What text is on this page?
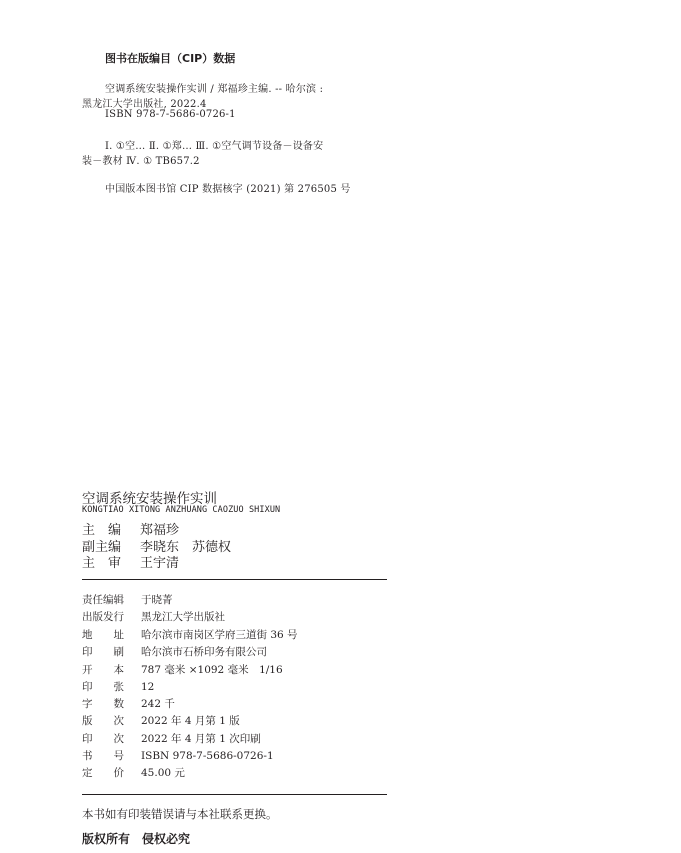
图书在版编目（CIP）数据
空调系统安装操作实训 / 郑福珍主编. -- 哈尔滨 :
黑龙江大学出版社, 2022.4
ISBN 978-7-5686-0726-1
Ⅰ. ①空… Ⅱ. ①郑… Ⅲ. ①空气调节设备－设备安
装－教材 Ⅳ. ① TB657.2
中国版本图书馆 CIP 数据核字 (2021) 第 276505 号
空调系统安装操作实训
KONGTIAO XITONG ANZHUANG CAOZUO SHIXUN
主　编 郑福珍
副主编 李晓东　苏德权
主　审 王宇清
责任编辑 于晓菁
出版发行 黑龙江大学出版社
地　　址 哈尔滨市南岗区学府三道街 36 号
印　　刷 哈尔滨市石桥印务有限公司
开　　本 787 毫米 ×1092 毫米　1/16
印　　张 12
字　　数 242 千
版　　次 2022 年 4 月第 1 版
印　　次 2022 年 4 月第 1 次印刷
书　　号 ISBN 978-7-5686-0726-1
定　　价 45.00 元
本书如有印装错误请与本社联系更换。
版权所有　侵权必究
